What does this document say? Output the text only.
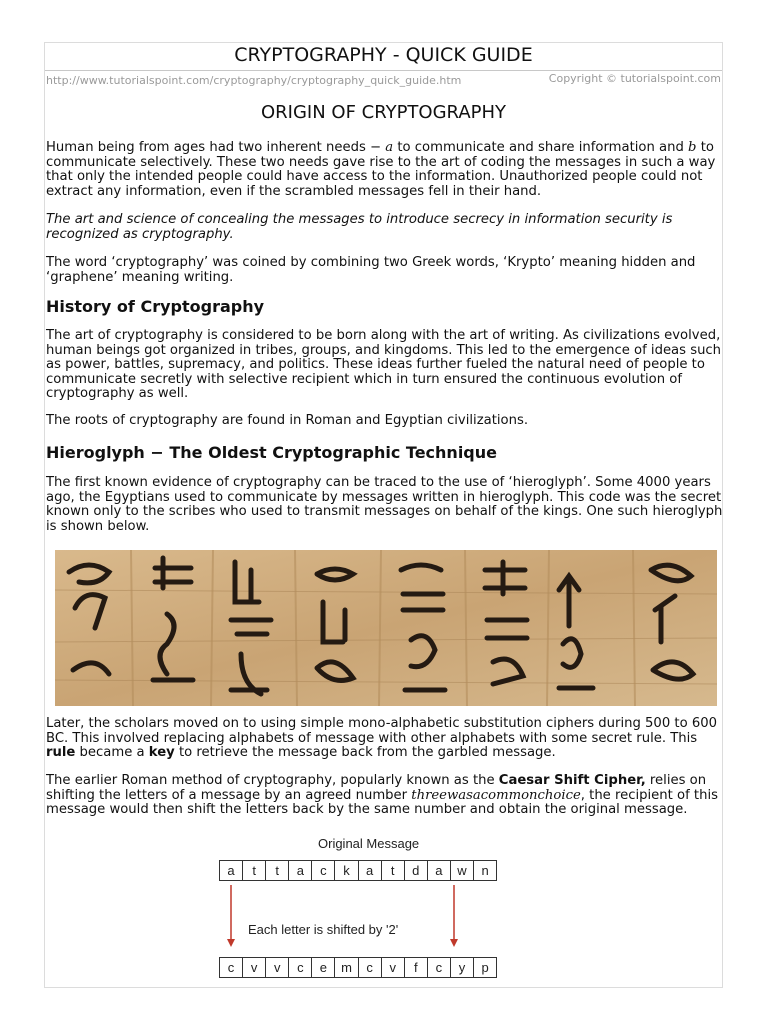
CRYPTOGRAPHY - QUICK GUIDE
http://www.tutorialspoint.com/cryptography/cryptography_quick_guide.htm	Copyright © tutorialspoint.com
ORIGIN OF CRYPTOGRAPHY

Human being from ages had two inherent needs − a to communicate and share information and b to communicate selectively. These two needs gave rise to the art of coding the messages in such a way that only the intended people could have access to the information. Unauthorized people could not extract any information, even if the scrambled messages fell in their hand.

The art and science of concealing the messages to introduce secrecy in information security is recognized as cryptography.

The word ‘cryptography’ was coined by combining two Greek words, ‘Krypto’ meaning hidden and ‘graphene’ meaning writing.

History of Cryptography

The art of cryptography is considered to be born along with the art of writing. As civilizations evolved, human beings got organized in tribes, groups, and kingdoms. This led to the emergence of ideas such as power, battles, supremacy, and politics. These ideas further fueled the natural need of people to communicate secretly with selective recipient which in turn ensured the continuous evolution of cryptography as well.

The roots of cryptography are found in Roman and Egyptian civilizations.

Hieroglyph − The Oldest Cryptographic Technique

The first known evidence of cryptography can be traced to the use of ‘hieroglyph’. Some 4000 years ago, the Egyptians used to communicate by messages written in hieroglyph. This code was the secret known only to the scribes who used to transmit messages on behalf of the kings. One such hieroglyph is shown below.

Later, the scholars moved on to using simple mono-alphabetic substitution ciphers during 500 to 600 BC. This involved replacing alphabets of message with other alphabets with some secret rule. This rule became a key to retrieve the message back from the garbled message.

The earlier Roman method of cryptography, popularly known as the Caesar Shift Cipher, relies on shifting the letters of a message by an agreed number threewasacommonchoice, the recipient of this message would then shift the letters back by the same number and obtain the original message.

Original Message
a	t	t	a	c	k	a	t	d	a	w	n
Each letter is shifted by '2'
c	v	v	c	e	m	c	v	f	c	y	p
